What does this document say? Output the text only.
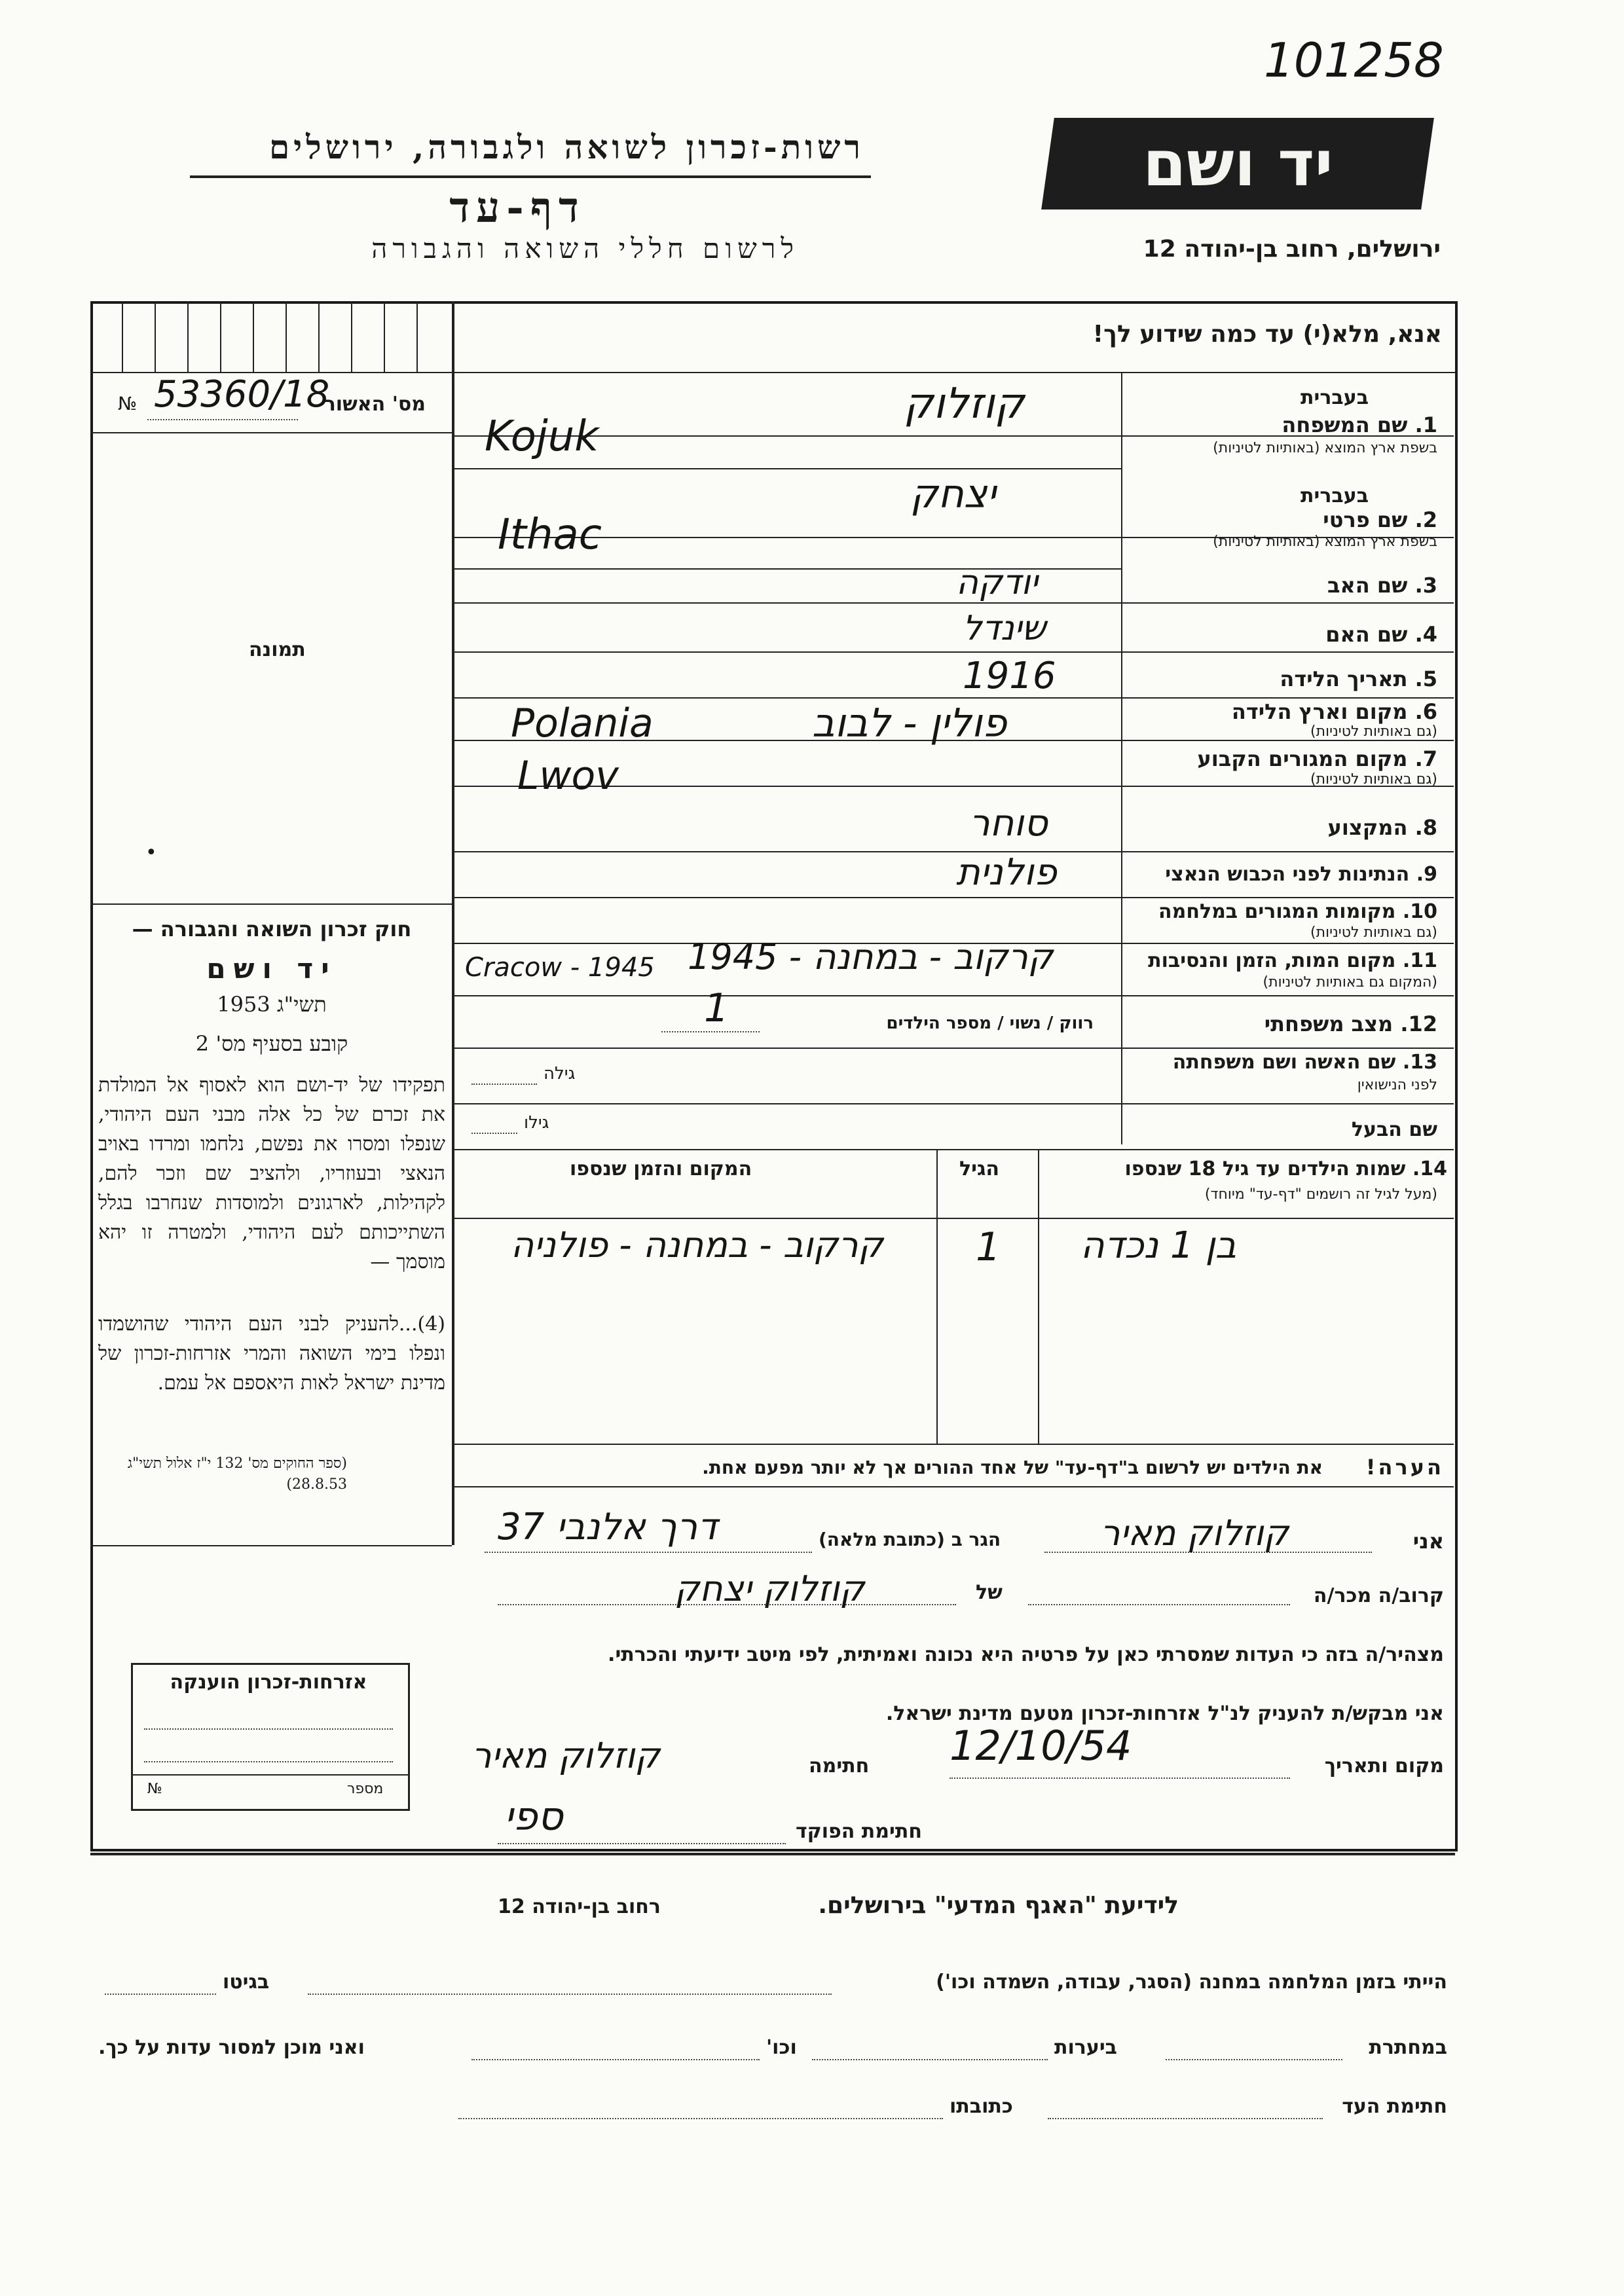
101258
יד ושם
רשות-זכרון לשואה ולגבורה, ירושלים
דף-עד
לרשום חללי השואה והגבורה	ירושלים, רחוב בן-יהודה 12
אנא, מלא(י) עד כמה שידוע לך!
מס' האשור
№ 53360/18
תמונה
•
חוק זכרון השואה והגבורה —
יד ושם
1953 תשי"ג
קובע בסעיף מס' 2
תפקידו של יד-ושם הוא לאסוף אל המולדת את זכרם של כל אלה מבני העם היהודי, שנפלו ומסרו את נפשם, נלחמו ומרדו באויב הנאצי ובעוזריו, ולהציב שם וזכר להם, לקהילות, לארגונים ולמוסדות שנחרבו בגלל השתייכותם לעם היהודי, ולמטרה זו יהא מוסמך —
(4)...להעניק לבני העם היהודי שהושמדו ונפלו בימי השואה והמרי אזרחות-זכרון של מדינת ישראל לאות היאספם אל עמם.
(ספר החוקים מס' 132 י"ז אלול תשי"ג 28.8.53)
בעברית
בעברית
1. שם המשפחה
בשפת ארץ המוצא (באותיות לטיניות)
קוזלוק
Kojuk
2. שם פרטי
בשפת ארץ המוצא (באותיות לטיניות)
יצחק
Ithac
3. שם האב
יודקה
4. שם האם
שינדל
5. תאריך הלידה
1916
6. מקום וארץ הלידה
(גם באותיות לטיניות)
פולין - לבוב
Polania
7. מקום המגורים הקבוע
(גם באותיות לטיניות)
Lwov
8. המקצוע
סוחר
9. הנתינות לפני הכבוש הנאצי
פולנית
10. מקומות המגורים במלחמה
(גם באותיות לטיניות)
11. מקום המות, הזמן והנסיבות
(המקום גם באותיות לטיניות)
קרקוב - במחנה - 1945
Cracow - 1945
12. מצב משפחתי
רווק / נשוי / מספר הילדים
1
13. שם האשה ושם משפחתה
לפני הנישואין
גילה
שם הבעל
גילו
14. שמות הילדים עד גיל 18 שנספו
(מעל לגיל זה רושמים "דף-עד" מיוחד)
הגיל
המקום והזמן שנספו
בן 1 נכדה
1
קרקוב - במחנה - פולניה
הערה!
את הילדים יש לרשום ב"דף-עד" של אחד ההורים אך לא יותר מפעם אחת.
אני
קוזלוק מאיר
הגר ב (כתובת מלאה)
דרך אלנבי 37
קרוב/ה מכר/ה
של
קוזלוק יצחק
מצהיר/ה בזה כי העדות שמסרתי כאן על פרטיה היא נכונה ואמיתית, לפי מיטב ידיעתי והכרתי.
אני מבקש/ת להעניק לנ"ל אזרחות-זכרון מטעם מדינת ישראל.
מקום ותאריך
12/10/54
חתימה
קוזלוק מאיר
חתימת הפוקד
ספי
אזרחות-זכרון הוענקה
№	מספר
לידיעת "האגף המדעי" בירושלים.
רחוב בן-יהודה 12
הייתי בזמן המלחמה במחנה (הסגר, עבודה, השמדה וכו')
בגיטו
במחתרת
ביערות
וכו'
ואני מוכן למסור עדות על כך.
חתימת העד
כתובתו
